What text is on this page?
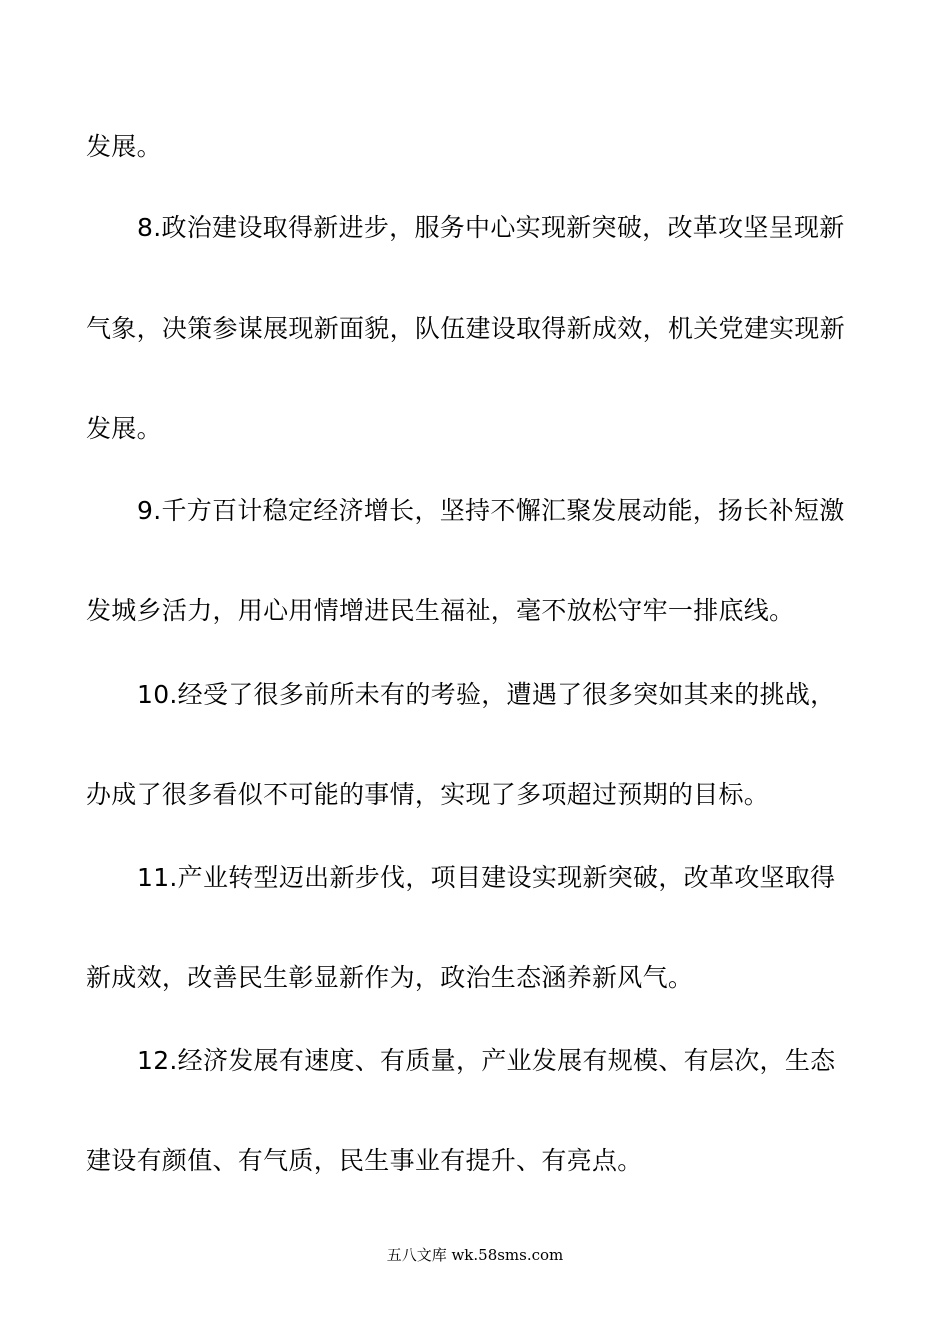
发展。
8.政治建设取得新进步，服务中心实现新突破，改革攻坚呈现新
气象，决策参谋展现新面貌，队伍建设取得新成效，机关党建实现新
发展。
9.千方百计稳定经济增长，坚持不懈汇聚发展动能，扬长补短激
发城乡活力，用心用情增进民生福祉，毫不放松守牢一排底线。
10.经受了很多前所未有的考验，遭遇了很多突如其来的挑战，
办成了很多看似不可能的事情，实现了多项超过预期的目标。
11.产业转型迈出新步伐，项目建设实现新突破，改革攻坚取得
新成效，改善民生彰显新作为，政治生态涵养新风气。
12.经济发展有速度、有质量，产业发展有规模、有层次，生态
建设有颜值、有气质，民生事业有提升、有亮点。
五八文库 wk.58sms.com
